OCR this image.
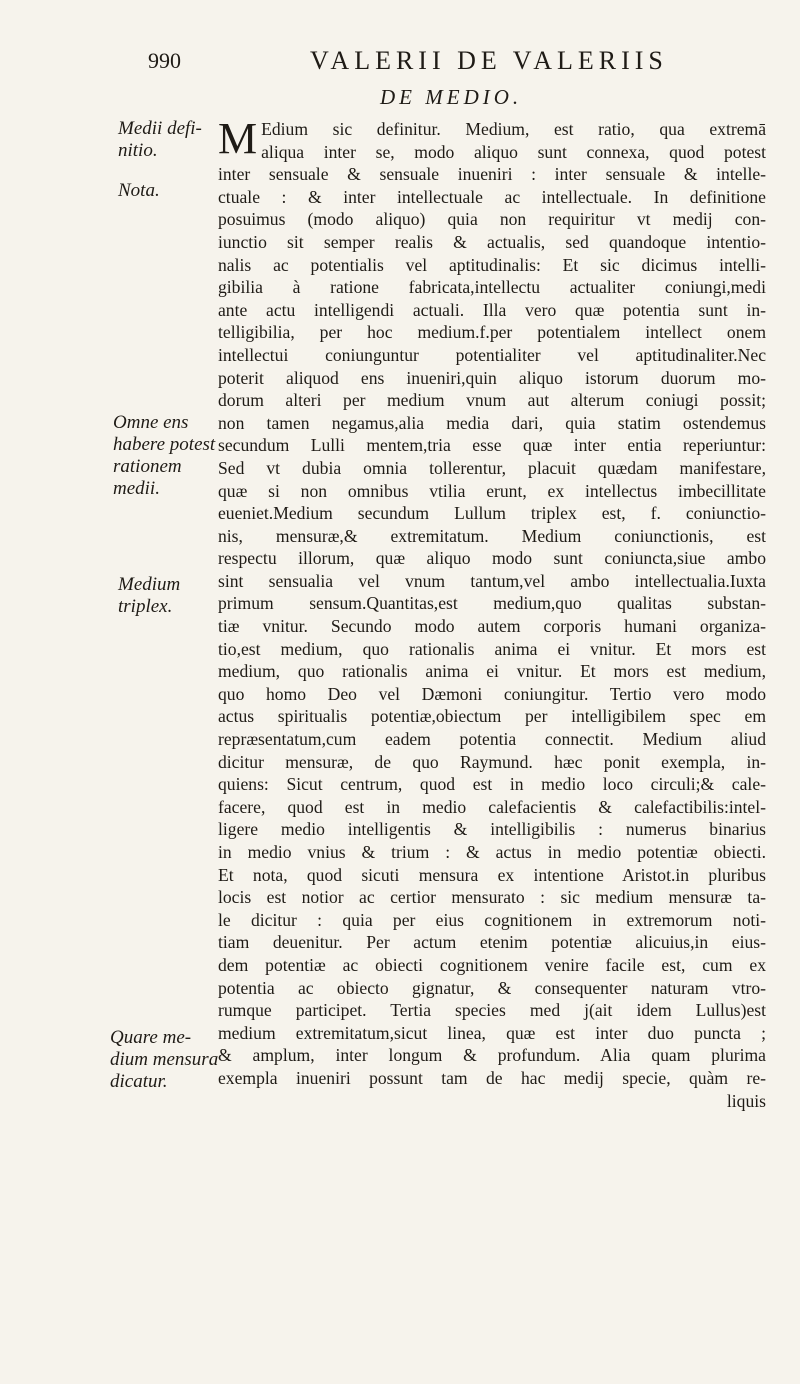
990	VALERII DE VALERIIS
DE MEDIO.
Medii defi-
nitio.
Nota.
Omne ens
habere potest
rationem
medii.
Medium
triplex.
Quare me-
dium mensura
dicatur.
M Edium sic definitur. Medium, est ratio, qua extremā
aliqua inter se, modo aliquo sunt connexa, quod potest
inter sensuale & sensuale inueniri : inter sensuale & intelle-
ctuale : & inter intellectuale ac intellectuale. In definitione
posuimus (modo aliquo) quia non requiritur vt medij con-
iunctio sit semper realis & actualis, sed quandoque intentio-
nalis ac potentialis vel aptitudinalis: Et sic dicimus intelli-
gibilia à ratione fabricata,intellectu actualiter coniungi,medi
ante actu intelligendi actuali. Illa vero quæ potentia sunt in-
telligibilia, per hoc medium.f.per potentialem intellect onem
intellectui coniunguntur potentialiter vel aptitudinaliter.Nec
poterit aliquod ens inueniri,quin aliquo istorum duorum mo-
dorum alteri per medium vnum aut alterum coniugi possit;
non tamen negamus,alia media dari, quia statim ostendemus
secundum Lulli mentem,tria esse quæ inter entia reperiuntur:
Sed vt dubia omnia tollerentur, placuit quædam manifestare,
quæ si non omnibus vtilia erunt, ex intellectus imbecillitate
eueniet.Medium secundum Lullum triplex est, f. coniunctio-
nis, mensuræ,& extremitatum. Medium coniunctionis, est
respectu illorum, quæ aliquo modo sunt coniuncta,siue ambo
sint sensualia vel vnum tantum,vel ambo intellectualia.Iuxta
primum sensum.Quantitas,est medium,quo qualitas substan-
tiæ vnitur. Secundo modo autem corporis humani organiza-
tio,est medium, quo rationalis anima ei vnitur. Et mors est
medium, quo rationalis anima ei vnitur. Et mors est medium,
quo homo Deo vel Dæmoni coniungitur. Tertio vero modo
actus spiritualis potentiæ,obiectum per intelligibilem spec em
repræsentatum,cum eadem potentia connectit. Medium aliud
dicitur mensuræ, de quo Raymund. hæc ponit exempla, in-
quiens: Sicut centrum, quod est in medio loco circuli;& cale-
facere, quod est in medio calefacientis & calefactibilis:intel-
ligere medio intelligentis & intelligibilis : numerus binarius
in medio vnius & trium : & actus in medio potentiæ obiecti.
Et nota, quod sicuti mensura ex intentione Aristot.in pluribus
locis est notior ac certior mensurato : sic medium mensuræ ta-
le dicitur : quia per eius cognitionem in extremorum noti-
tiam deuenitur. Per actum etenim potentiæ alicuius,in eius-
dem potentiæ ac obiecti cognitionem venire facile est, cum ex
potentia ac obiecto gignatur, & consequenter naturam vtro-
rumque participet. Tertia species med j(ait idem Lullus)est
medium extremitatum,sicut linea, quæ est inter duo puncta ;
& amplum, inter longum & profundum. Alia quam plurima
exempla inueniri possunt tam de hac medij specie, quàm re-
liquis
